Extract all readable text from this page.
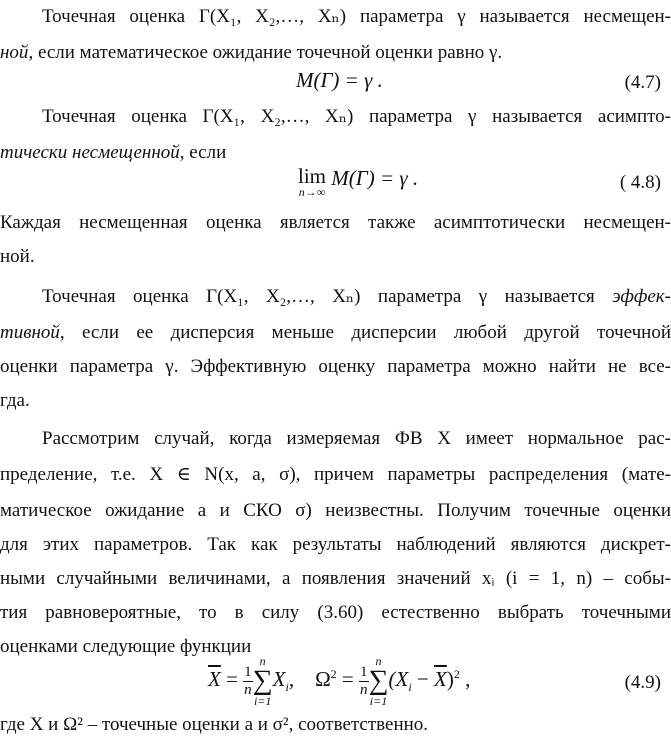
Точечная оценка Γ(X₁, X₂,…, Xₙ) параметра γ называется несмещен-
ной, если математическое ожидание точечной оценки равно γ.
M(Γ) = γ .	(4.7)
Точечная оценка Γ(X₁, X₂,…, Xₙ) параметра γ называется асимпто-
тически несмещенной, если
lim
n→∞
M(Γ) = γ .	( 4.8)
Каждая несмещенная оценка является также асимптотически несмещен-
ной.
Точечная оценка Γ(X₁, X₂,…, Xₙ) параметра γ называется эффек-
тивной, если ее дисперсия меньше дисперсии любой другой точечной
оценки параметра γ. Эффективную оценку параметра можно найти не все-
гда.
Рассмотрим случай, когда измеряемая ФВ X имеет нормальное рас-
пределение, т.е. X ∈ N(x, a, σ), причем параметры распределения (мате-
матическое ожидание a и СКО σ) неизвестны. Получим точечные оценки
для этих параметров. Так как результаты наблюдений являются дискрет-
ными случайными величинами, а появления значений xᵢ (i = 1, n) – собы-
тия равновероятные, то в силу (3.60) естественно выбрать точечными
оценками следующие функции
$\overline{X} = \frac{1}{n}$
n
∑
i=1
$X_i$,    $\Omega^2 = \frac{1}{n}$
n
∑
i=1
$(X_i - \overline{X})^2$ ,	(4.9)
где X и Ω² – точечные оценки a и σ², соответственно.
